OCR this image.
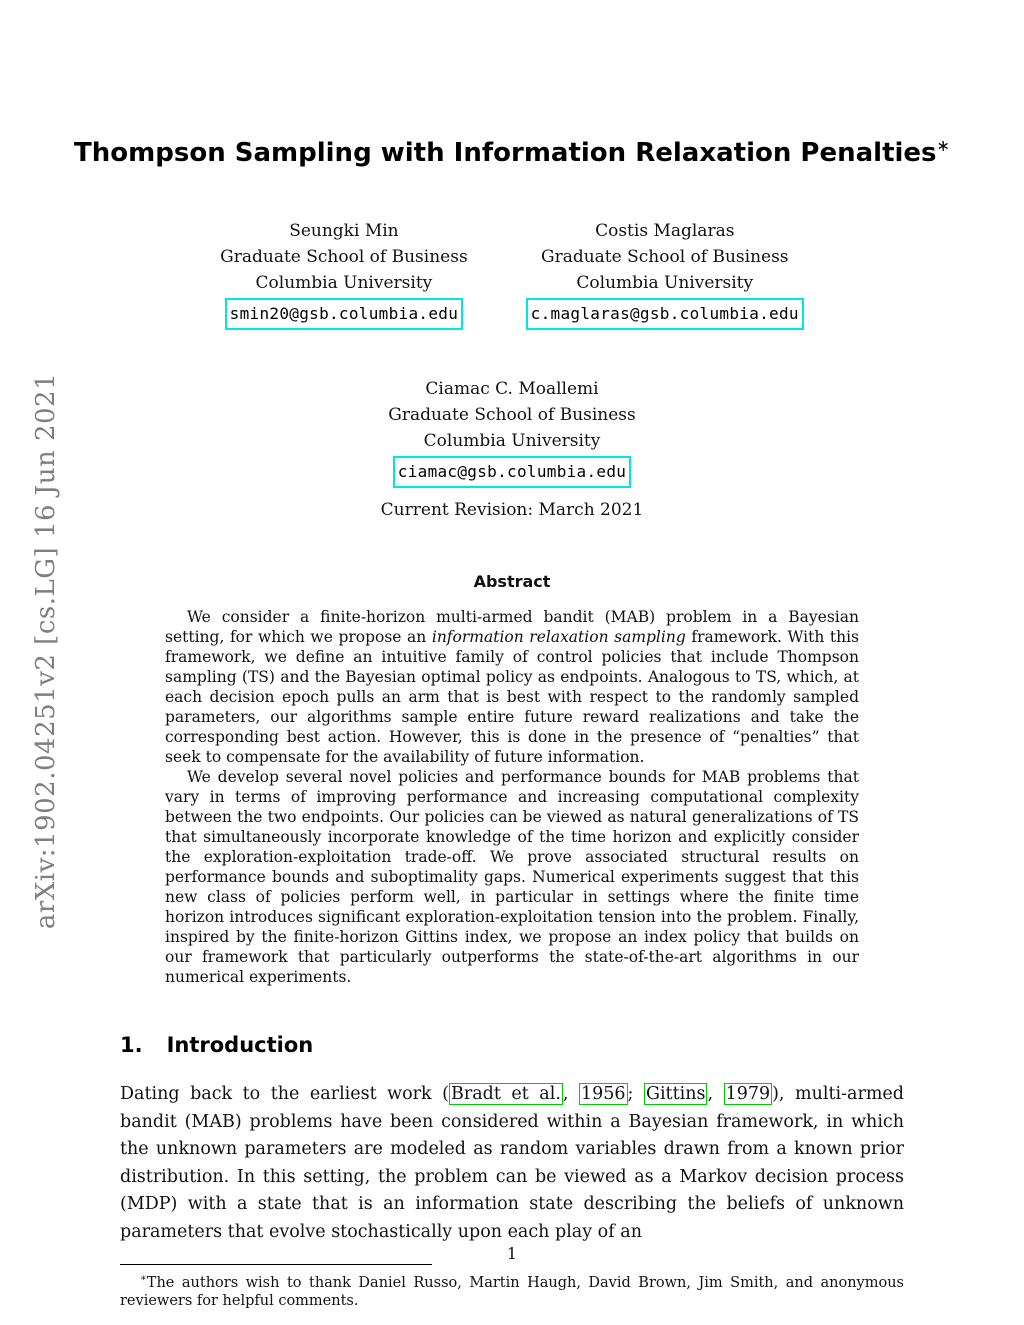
arXiv:1902.04251v2 [cs.LG] 16 Jun 2021
Thompson Sampling with Information Relaxation Penalties∗
Seungki Min
Graduate School of Business
Columbia University
smin20@gsb.columbia.edu
Costis Maglaras
Graduate School of Business
Columbia University
c.maglaras@gsb.columbia.edu
Ciamac C. Moallemi
Graduate School of Business
Columbia University
ciamac@gsb.columbia.edu
Current Revision: March 2021
Abstract

We consider a finite-horizon multi-armed bandit (MAB) problem in a Bayesian setting, for which we propose an information relaxation sampling framework. With this framework, we define an intuitive family of control policies that include Thompson sampling (TS) and the Bayesian optimal policy as endpoints. Analogous to TS, which, at each decision epoch pulls an arm that is best with respect to the randomly sampled parameters, our algorithms sample entire future reward realizations and take the corresponding best action. However, this is done in the presence of “penalties” that seek to compensate for the availability of future information.

We develop several novel policies and performance bounds for MAB problems that vary in terms of improving performance and increasing computational complexity between the two endpoints. Our policies can be viewed as natural generalizations of TS that simultaneously incorporate knowledge of the time horizon and explicitly consider the exploration-exploitation trade-off. We prove associated structural results on performance bounds and suboptimality gaps. Numerical experiments suggest that this new class of policies perform well, in particular in settings where the finite time horizon introduces significant exploration-exploitation tension into the problem. Finally, inspired by the finite-horizon Gittins index, we propose an index policy that builds on our framework that particularly outperforms the state-of-the-art algorithms in our numerical experiments.

1. Introduction

Dating back to the earliest work ( Bradt et al. , 1956 ; Gittins , 1979 ), multi-armed bandit (MAB) problems have been considered within a Bayesian framework, in which the unknown parameters are modeled as random variables drawn from a known prior distribution. In this setting, the problem can be viewed as a Markov decision process (MDP) with a state that is an information state describing the beliefs of unknown parameters that evolve stochastically upon each play of an

∗The authors wish to thank Daniel Russo, Martin Haugh, David Brown, Jim Smith, and anonymous reviewers for helpful comments.

1
